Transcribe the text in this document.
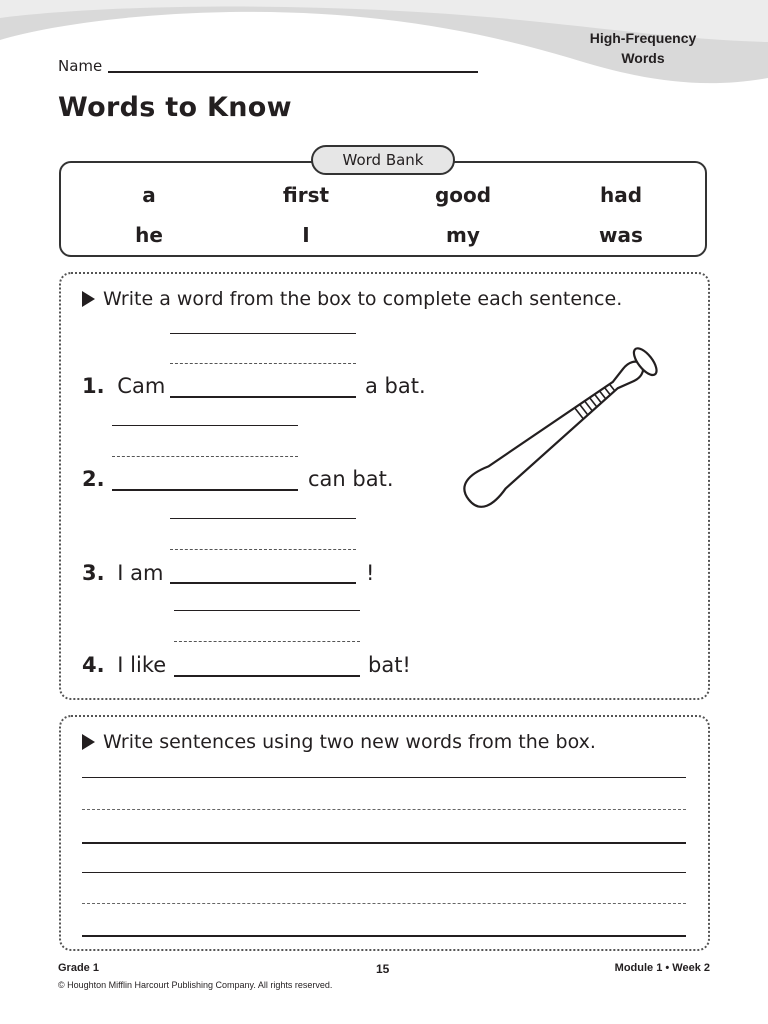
High-Frequency
Words
Name
Words to Know
a	first	good	had
he	I	my	was
Word Bank
Write a word from the box to complete each sentence.
1. Cam	a bat.
2.	can bat.
3. I am	!
4. I like	bat!
Write sentences using two new words from the box.
Grade 1
© Houghton Mifflin Harcourt Publishing Company. All rights reserved.
15	Module 1 • Week 2
